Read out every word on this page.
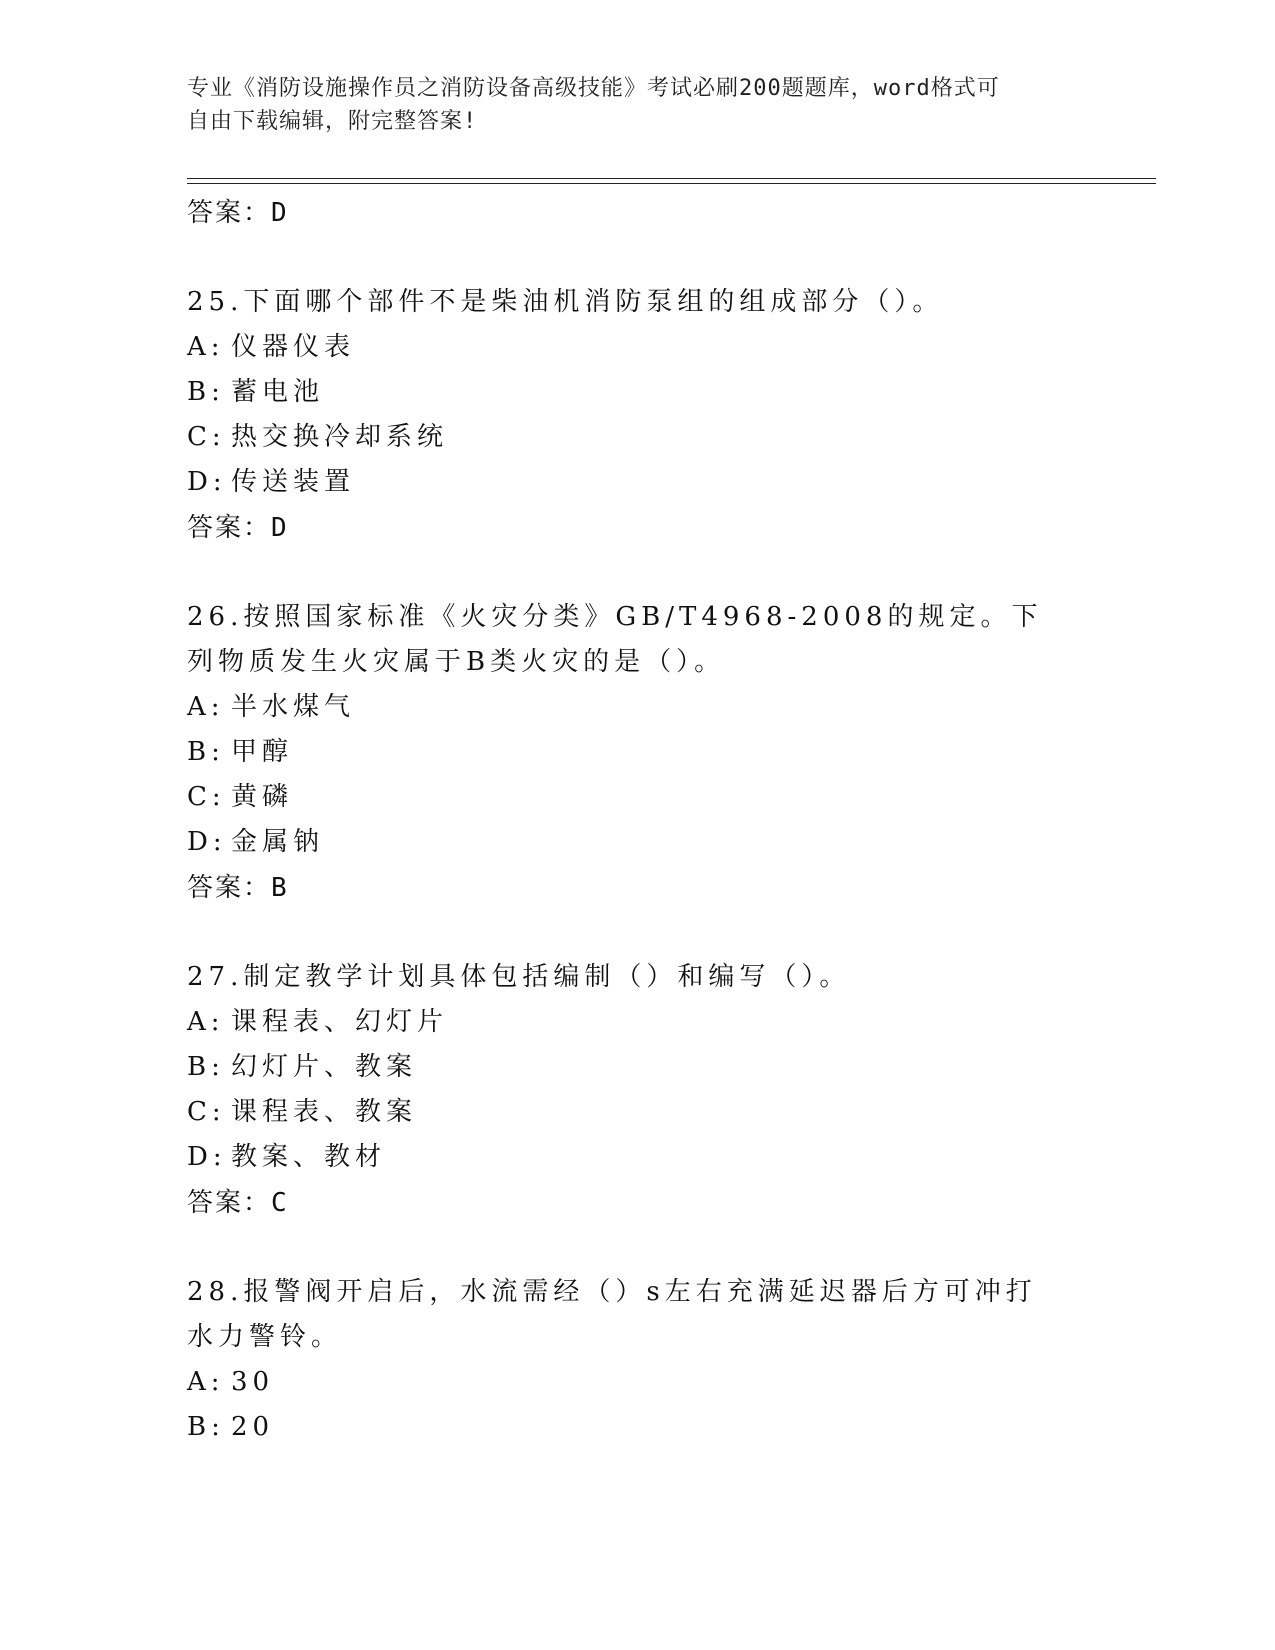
专业《消防设施操作员之消防设备高级技能》考试必刷200题题库，word格式可
自由下载编辑，附完整答案!
答案：D
25.下面哪个部件不是柴油机消防泵组的组成部分（）。
A: 仪器仪表
B: 蓄电池
C: 热交换冷却系统
D: 传送装置
答案：D
26.按照国家标准《火灾分类》GB/T4968-2008的规定。下列物质发生火灾属于B类火灾的是（）。
A: 半水煤气
B: 甲醇
C: 黄磷
D: 金属钠
答案：B
27.制定教学计划具体包括编制（）和编写（）。
A: 课程表、幻灯片
B: 幻灯片、教案
C: 课程表、教案
D: 教案、教材
答案：C
28.报警阀开启后，水流需经（）s左右充满延迟器后方可冲打水力警铃。
A: 30
B: 20
